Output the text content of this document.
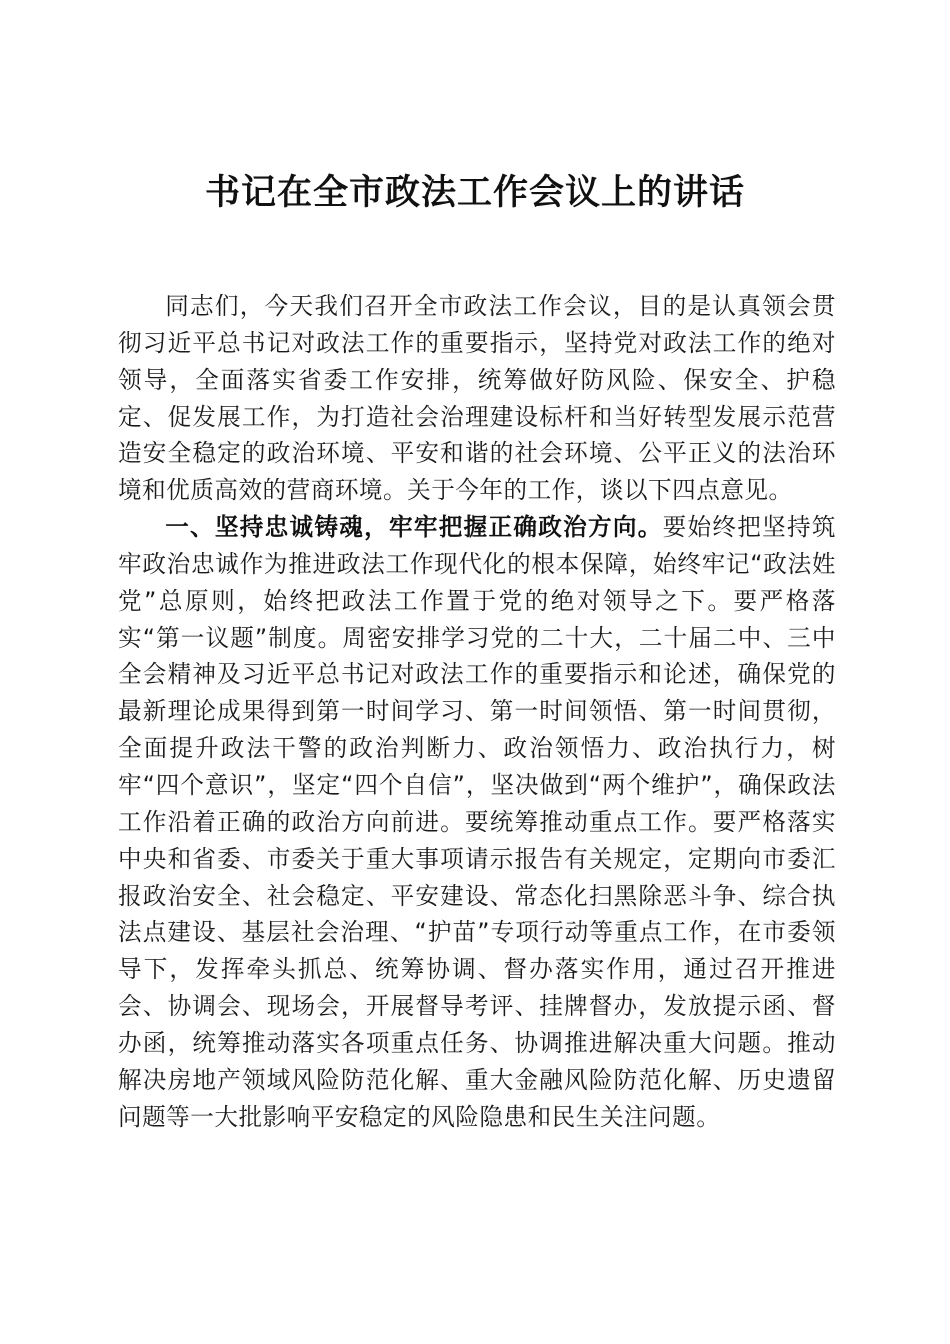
书记在全市政法工作会议上的讲话

同志们，今天我们召开全市政法工作会议，目的是认真领会贯彻习近平总书记对政法工作的重要指示，坚持党对政法工作的绝对领导，全面落实省委工作安排，统筹做好防风险、保安全、护稳定、促发展工作，为打造社会治理建设标杆和当好转型发展示范营造安全稳定的政治环境、平安和谐的社会环境、公平正义的法治环境和优质高效的营商环境。关于今年的工作，谈以下四点意见。

一、坚持忠诚铸魂，牢牢把握正确政治方向。要始终把坚持筑牢政治忠诚作为推进政法工作现代化的根本保障，始终牢记“政法姓党”总原则，始终把政法工作置于党的绝对领导之下。要严格落实“第一议题”制度。周密安排学习党的二十大，二十届二中、三中全会精神及习近平总书记对政法工作的重要指示和论述，确保党的最新理论成果得到第一时间学习、第一时间领悟、第一时间贯彻，全面提升政法干警的政治判断力、政治领悟力、政治执行力，树牢“四个意识”，坚定“四个自信”，坚决做到“两个维护”，确保政法工作沿着正确的政治方向前进。要统筹推动重点工作。要严格落实中央和省委、市委关于重大事项请示报告有关规定，定期向市委汇报政治安全、社会稳定、平安建设、常态化扫黑除恶斗争、综合执法点建设、基层社会治理、“护苗”专项行动等重点工作，在市委领导下，发挥牵头抓总、统筹协调、督办落实作用，通过召开推进会、协调会、现场会，开展督导考评、挂牌督办，发放提示函、督办函，统筹推动落实各项重点任务、协调推进解决重大问题。推动解决房地产领域风险防范化解、重大金融风险防范化解、历史遗留问题等一大批影响平安稳定的风险隐患和民生关注问题。
